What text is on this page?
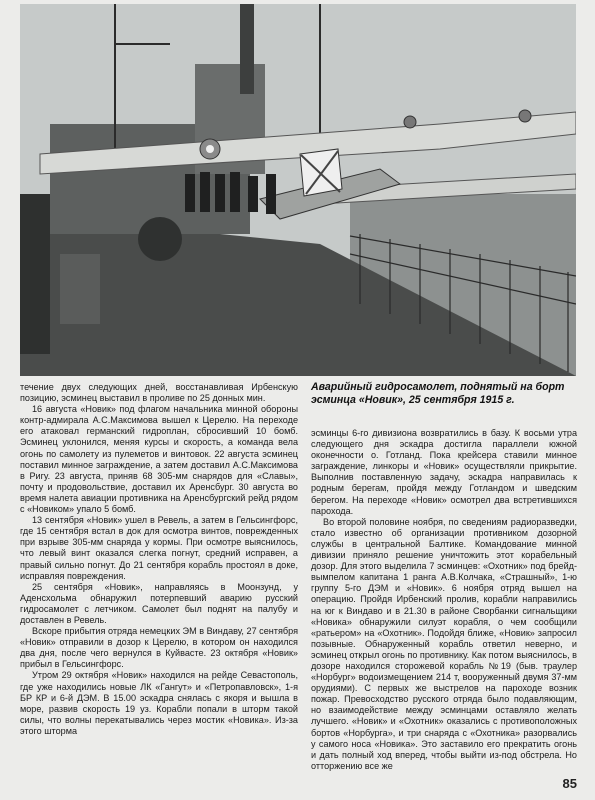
течение двух следующих дней, восстанавливая Ирбенскую позицию, эсминец выставил в проливе по 25 донных мин.

16 августа «Новик» под флагом начальника минной обороны контр-адмирала А.С.Максимова вышел к Церелю. На переходе его атаковал германский гидроплан, сбросивший 10 бомб. Эсминец уклонился, меняя курсы и скорость, а команда вела огонь по самолету из пулеметов и винтовок. 22 августа эсминец поставил минное заграждение, а затем доставил А.С.Максимова в Ригу. 23 августа, приняв 68 305-мм снарядов для «Славы», почту и продовольствие, доставил их Аренсбург. 30 августа во время налета авиации противника на Аренсбургский рейд рядом с «Новиком» упало 5 бомб.

13 сентября «Новик» ушел в Ревель, а затем в Гельсингфорс, где 15 сентября встал в док для осмотра винтов, поврежденных при взрыве 305-мм снаряда у кормы. При осмотре выяснилось, что левый винт оказался слегка погнут, средний исправен, а правый сильно погнут. До 21 сентября корабль простоял в доке, исправляя повреждения.

25 сентября «Новик», направляясь в Моонзунд, у Аденсхольма обнаружил потерпевший аварию русский гидросамолет с летчиком. Самолет был поднят на палубу и доставлен в Ревель.

Вскоре прибытия отряда немецких ЭМ в Виндаву, 27 сентября «Новик» отправили в дозор к Церелю, в котором он находился два дня, после чего вернулся в Куйвасте. 23 октября «Новик» прибыл в Гельсингфорс.

Утром 29 октября «Новик» находился на рейде Севастополь, где уже находились новые ЛК «Гангут» и «Петропавловск», 1-я БР КР и 6-й ДЭМ. В 15.00 эскадра снялась с якоря и вышла в море, развив скорость 19 уз. Корабли попали в шторм такой силы, что волны перекатывались через мостик «Новика». Из-за этого шторма

Аварийный гидросамолет, поднятый на борт эсминца «Новик», 25 сентября 1915 г.

эсминцы 6-го дивизиона возвратились в базу. К восьми утра следующего дня эскадра достигла параллели южной оконечности о. Готланд. Пока крейсера ставили минное заграждение, линкоры и «Новик» осуществляли прикрытие. Выполнив поставленную задачу, эскадра направилась к родным берегам, пройдя между Готландом и шведским берегом. На переходе «Новик» осмотрел два встретившихся парохода.

Во второй половине ноября, по сведениям радиоразведки, стало известно об организации противником дозорной службы в центральной Балтике. Командование минной дивизии приняло решение уничтожить этот корабельный дозор. Для этого выделила 7 эсминцев: «Охотник» под брейд-вымпелом капитана 1 ранга А.В.Колчака, «Страшный», 1-ю группу 5-го ДЭМ и «Новик». 6 ноября отряд вышел на операцию. Пройдя Ирбенский пролив, корабли направились на юг к Виндаво и в 21.30 в районе Сворбанки сигнальщики «Новика» обнаружили силуэт корабля, о чем сообщили «ратьером» на «Охотник». Подойдя ближе, «Новик» запросил позывные. Обнаруженный корабль ответил неверно, и эсминец открыл огонь по противнику. Как потом выяснилось, в дозоре находился сторожевой корабль №19 (быв. траулер «Норбург» водоизмещением 214 т, вооруженный двумя 37-мм орудиями). С первых же выстрелов на пароходе возник пожар. Превосходство русского отряда было подавляющим, но взаимодействие между эсминцами оставляло желать лучшего. «Новик» и «Охотник» оказались с противоположных бортов «Норбурга», и три снаряда с «Охотника» разорвались у самого носа «Новика». Это заставило его прекратить огонь и дать полный ход вперед, чтобы выйти из-под обстрела. Но отторжению все же

85
